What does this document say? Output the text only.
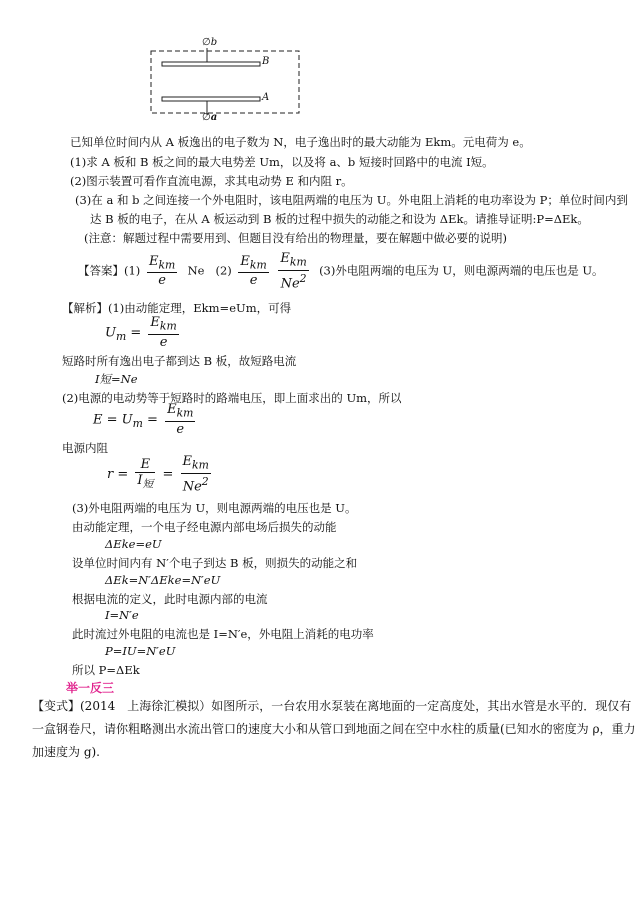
∅b
∅a
B
A
已知单位时间内从 A 板逸出的电子数为 N，电子逸出时的最大动能为 Ekm。元电荷为 e。
(1)求 A 板和 B 板之间的最大电势差 Um，以及将 a、b 短接时回路中的电流 I短。
(2)图示装置可看作直流电源，求其电动势 E 和内阻 r。
(3)在 a 和 b 之间连接一个外电阻时，该电阻两端的电压为 U。外电阻上消耗的电功率设为 P；单位时间内到
达 B 板的电子，在从 A 板运动到 B 板的过程中损失的动能之和设为 ΔEk。请推导证明:P=ΔEk。
(注意：解题过程中需要用到、但题目没有给出的物理量，要在解题中做必要的说明)
【答案】$(1) \frac{E_{km}}{e}$ Ne $(2) \frac{E_{km}}{e}$
$\frac{E_{km}}{Ne^2} (3)$外电阻两端的电压为 U，则电源两端的电压也是 U。
【解析】(1)由动能定理，Ekm=eUm，可得
$U_m = \frac{E_{km}}{e}$
短路时所有逸出电子都到达 B 板，故短路电流
I短=Ne
(2)电源的电动势等于短路时的路端电压，即上面求出的 Um，所以
$E = U_m = \frac{E_{km}}{e}$
电源内阻
$r = \frac{E}{I_短} = \frac{E_{km}}{Ne^2}$
(3)外电阻两端的电压为 U，则电源两端的电压也是 U。
由动能定理，一个电子经电源内部电场后损失的动能
ΔEke=eU
设单位时间内有 N′个电子到达 B 板，则损失的动能之和
ΔEk=N′ΔEke=N′eU
根据电流的定义，此时电源内部的电流
I=N′e
此时流过外电阻的电流也是 I=N′e，外电阻上消耗的电功率
P=IU=N′eU
所以 P=ΔEk
举一反三
【变式】(2014　上海徐汇模拟）如图所示，一台农用水泵装在离地面的一定高度处，其出水管是水平的．现仅有
一盒钢卷尺，请你粗略测出水流出管口的速度大小和从管口到地面之间在空中水柱的质量(已知水的密度为 ρ，重力
加速度为 g).
